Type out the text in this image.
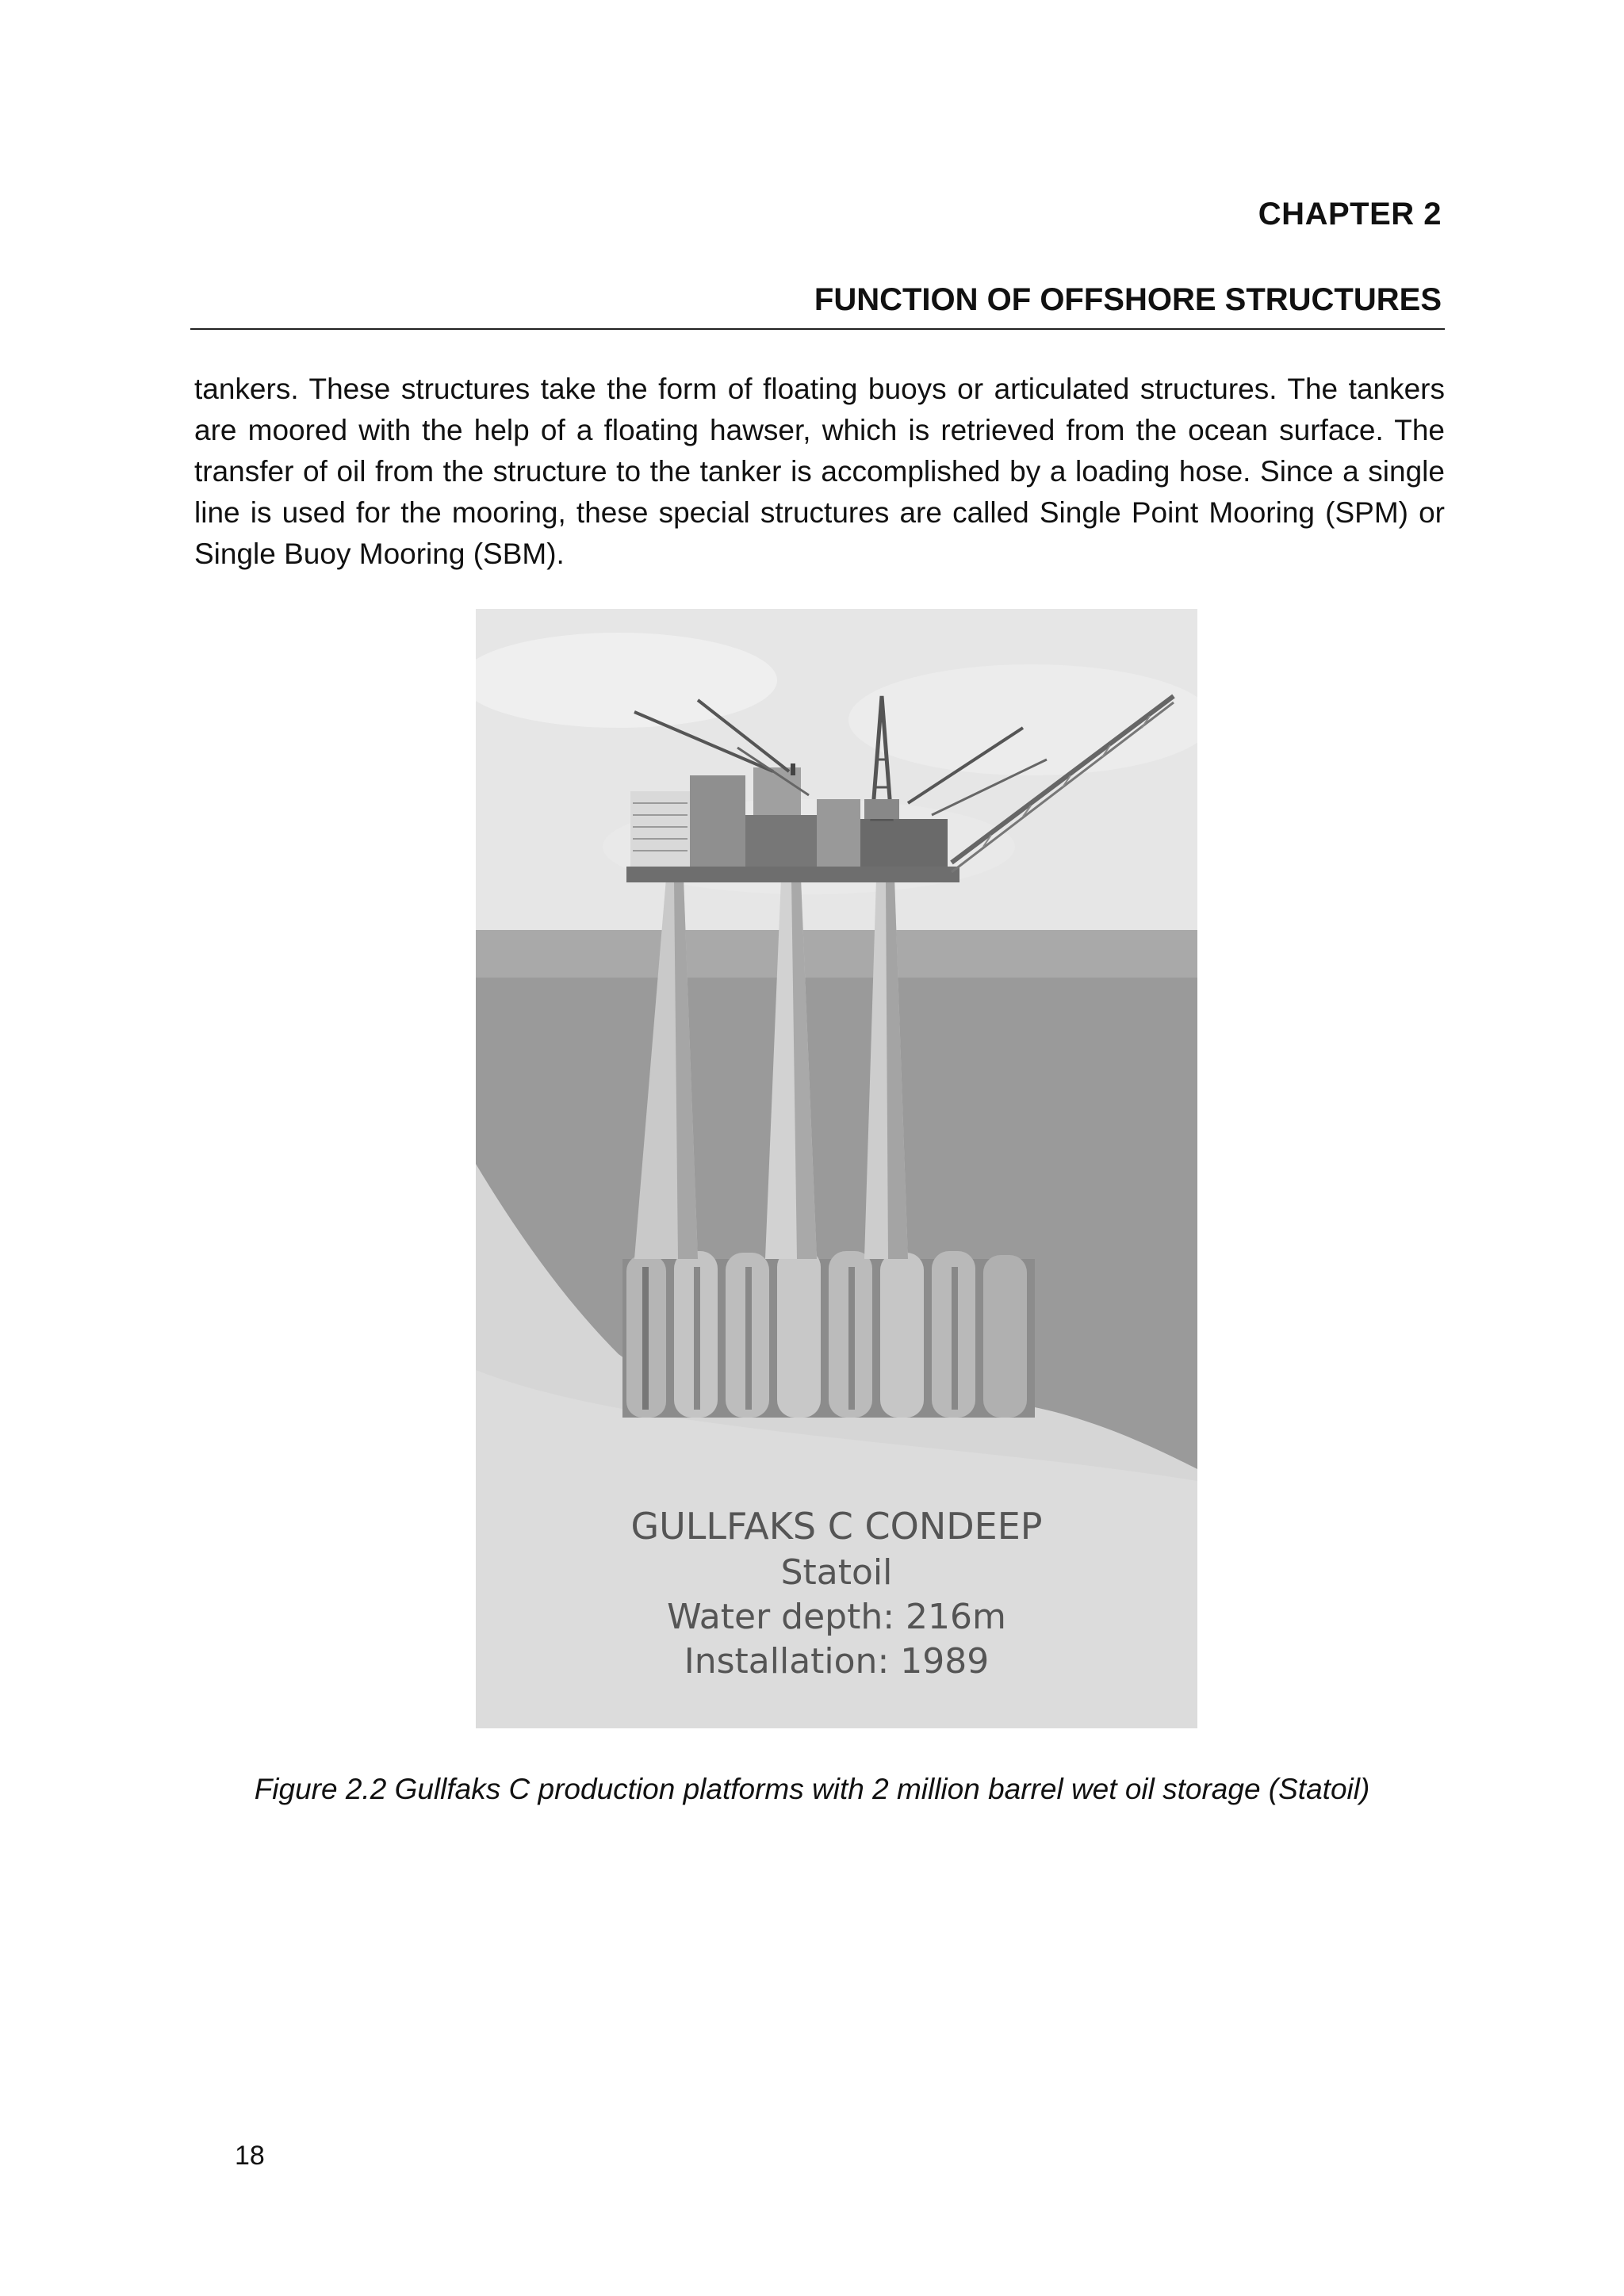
CHAPTER 2
FUNCTION OF OFFSHORE STRUCTURES

tankers. These structures take the form of floating buoys or articulated structures. The tankers are moored with the help of a floating hawser, which is retrieved from the ocean surface. The transfer of oil from the structure to the tanker is accomplished by a loading hose. Since a single line is used for the mooring, these special structures are called Single Point Mooring (SPM) or Single Buoy Mooring (SBM).

GULLFAKS C CONDEEP
Statoil
Water depth: 216m
Installation: 1989
Figure 2.2 Gullfaks C production platforms with 2 million barrel wet oil storage (Statoil)
18
